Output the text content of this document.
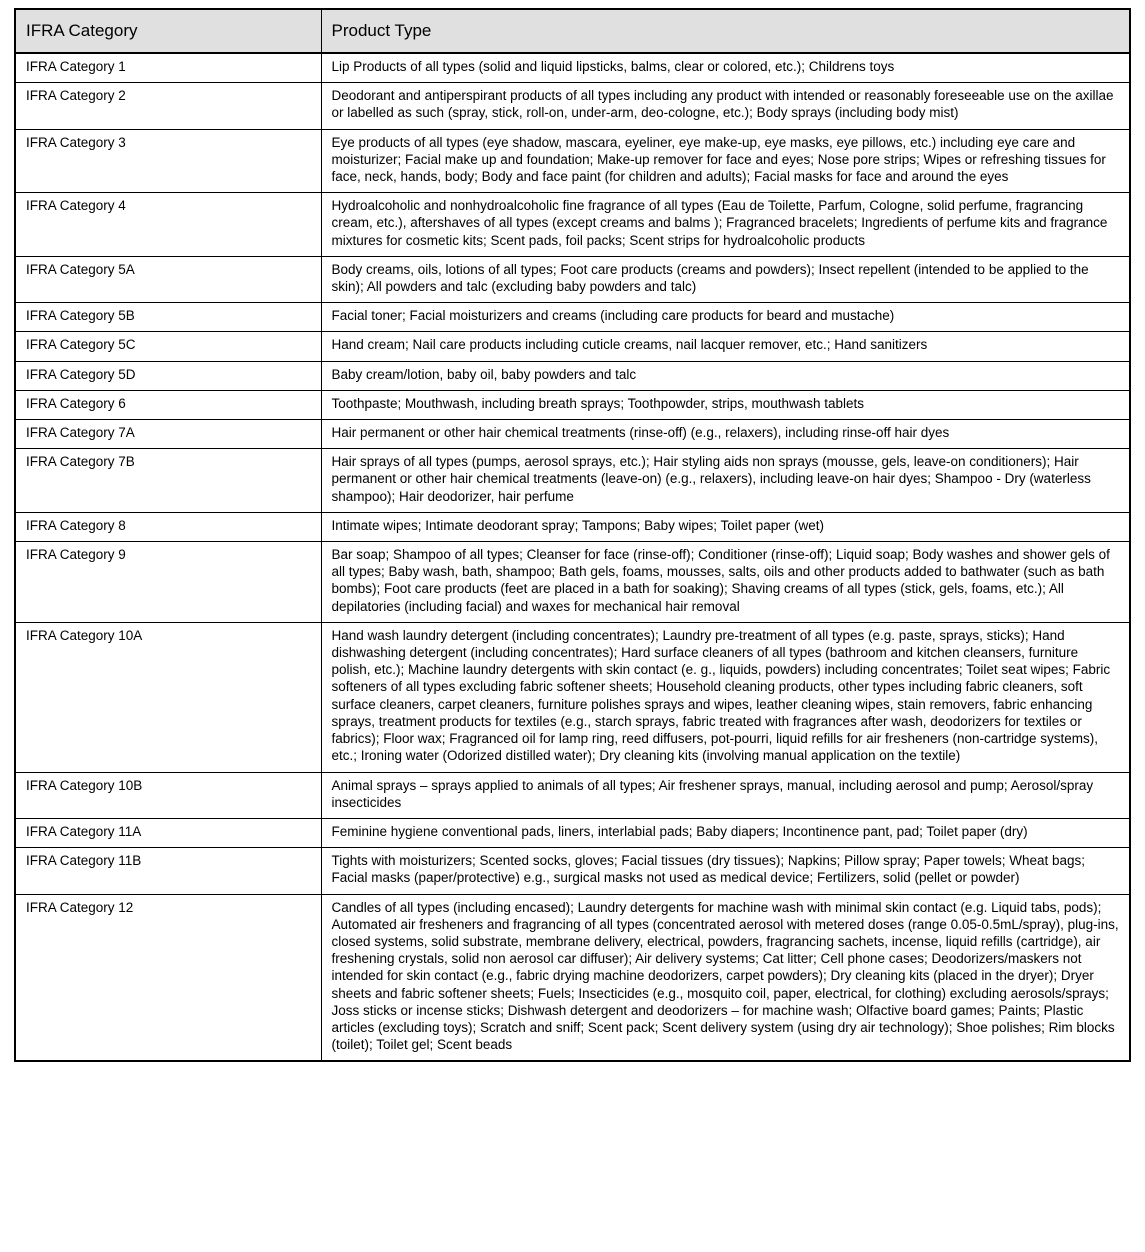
IFRA Category	Product Type
IFRA Category 1	Lip Products of all types (solid and liquid lipsticks, balms, clear or colored, etc.); Childrens toys
IFRA Category 2	Deodorant and antiperspirant products of all types including any product with intended or reasonably foreseeable use on the axillae or labelled as such (spray, stick, roll-on, under-arm, deo-cologne, etc.); Body sprays (including body mist)
IFRA Category 3	Eye products of all types (eye shadow, mascara, eyeliner, eye make-up, eye masks, eye pillows, etc.) including eye care and moisturizer; Facial make up and foundation; Make-up remover for face and eyes; Nose pore strips; Wipes or refreshing tissues for face, neck, hands, body; Body and face paint (for children and adults); Facial masks for face and around the eyes
IFRA Category 4	Hydroalcoholic and nonhydroalcoholic fine fragrance of all types (Eau de Toilette, Parfum, Cologne, solid perfume, fragrancing cream, etc.), aftershaves of all types (except creams and balms ); Fragranced bracelets; Ingredients of perfume kits and fragrance mixtures for cosmetic kits; Scent pads, foil packs; Scent strips for hydroalcoholic products
IFRA Category 5A	Body creams, oils, lotions of all types; Foot care products (creams and powders); Insect repellent (intended to be applied to the skin); All powders and talc (excluding baby powders and talc)
IFRA Category 5B	Facial toner; Facial moisturizers and creams (including care products for beard and mustache)
IFRA Category 5C	Hand cream; Nail care products including cuticle creams, nail lacquer remover, etc.; Hand sanitizers
IFRA Category 5D	Baby cream/lotion, baby oil, baby powders and talc
IFRA Category 6	Toothpaste; Mouthwash, including breath sprays; Toothpowder, strips, mouthwash tablets
IFRA Category 7A	Hair permanent or other hair chemical treatments (rinse-off) (e.g., relaxers), including rinse-off hair dyes
IFRA Category 7B	Hair sprays of all types (pumps, aerosol sprays, etc.); Hair styling aids non sprays (mousse, gels, leave-on conditioners); Hair permanent or other hair chemical treatments (leave-on) (e.g., relaxers), including leave-on hair dyes; Shampoo - Dry (waterless shampoo); Hair deodorizer, hair perfume
IFRA Category 8	Intimate wipes; Intimate deodorant spray; Tampons; Baby wipes; Toilet paper (wet)
IFRA Category 9	Bar soap; Shampoo of all types; Cleanser for face (rinse-off); Conditioner (rinse-off); Liquid soap; Body washes and shower gels of all types; Baby wash, bath, shampoo; Bath gels, foams, mousses, salts, oils and other products added to bathwater (such as bath bombs); Foot care products (feet are placed in a bath for soaking); Shaving creams of all types (stick, gels, foams, etc.); All depilatories (including facial) and waxes for mechanical hair removal
IFRA Category 10A	Hand wash laundry detergent (including concentrates); Laundry pre-treatment of all types (e.g. paste, sprays, sticks); Hand dishwashing detergent (including concentrates); Hard surface cleaners of all types (bathroom and kitchen cleansers, furniture polish, etc.); Machine laundry detergents with skin contact (e. g., liquids, powders) including concentrates; Toilet seat wipes; Fabric softeners of all types excluding fabric softener sheets; Household cleaning products, other types including fabric cleaners, soft surface cleaners, carpet cleaners, furniture polishes sprays and wipes, leather cleaning wipes, stain removers, fabric enhancing sprays, treatment products for textiles (e.g., starch sprays, fabric treated with fragrances after wash, deodorizers for textiles or fabrics); Floor wax; Fragranced oil for lamp ring, reed diffusers, pot-pourri, liquid refills for air fresheners (non-cartridge systems), etc.; Ironing water (Odorized distilled water); Dry cleaning kits (involving manual application on the textile)
IFRA Category 10B	Animal sprays – sprays applied to animals of all types; Air freshener sprays, manual, including aerosol and pump; Aerosol/spray insecticides
IFRA Category 11A	Feminine hygiene conventional pads, liners, interlabial pads; Baby diapers; Incontinence pant, pad; Toilet paper (dry)
IFRA Category 11B	Tights with moisturizers; Scented socks, gloves; Facial tissues (dry tissues); Napkins; Pillow spray; Paper towels; Wheat bags; Facial masks (paper/protective) e.g., surgical masks not used as medical device; Fertilizers, solid (pellet or powder)
IFRA Category 12	Candles of all types (including encased); Laundry detergents for machine wash with minimal skin contact (e.g. Liquid tabs, pods); Automated air fresheners and fragrancing of all types (concentrated aerosol with metered doses (range 0.05-0.5mL/spray), plug-ins, closed systems, solid substrate, membrane delivery, electrical, powders, fragrancing sachets, incense, liquid refills (cartridge), air freshening crystals, solid non aerosol car diffuser); Air delivery systems; Cat litter; Cell phone cases; Deodorizers/maskers not intended for skin contact (e.g., fabric drying machine deodorizers, carpet powders); Dry cleaning kits (placed in the dryer); Dryer sheets and fabric softener sheets; Fuels; Insecticides (e.g., mosquito coil, paper, electrical, for clothing) excluding aerosols/sprays; Joss sticks or incense sticks; Dishwash detergent and deodorizers – for machine wash; Olfactive board games; Paints; Plastic articles (excluding toys); Scratch and sniff; Scent pack; Scent delivery system (using dry air technology); Shoe polishes; Rim blocks (toilet); Toilet gel; Scent beads
